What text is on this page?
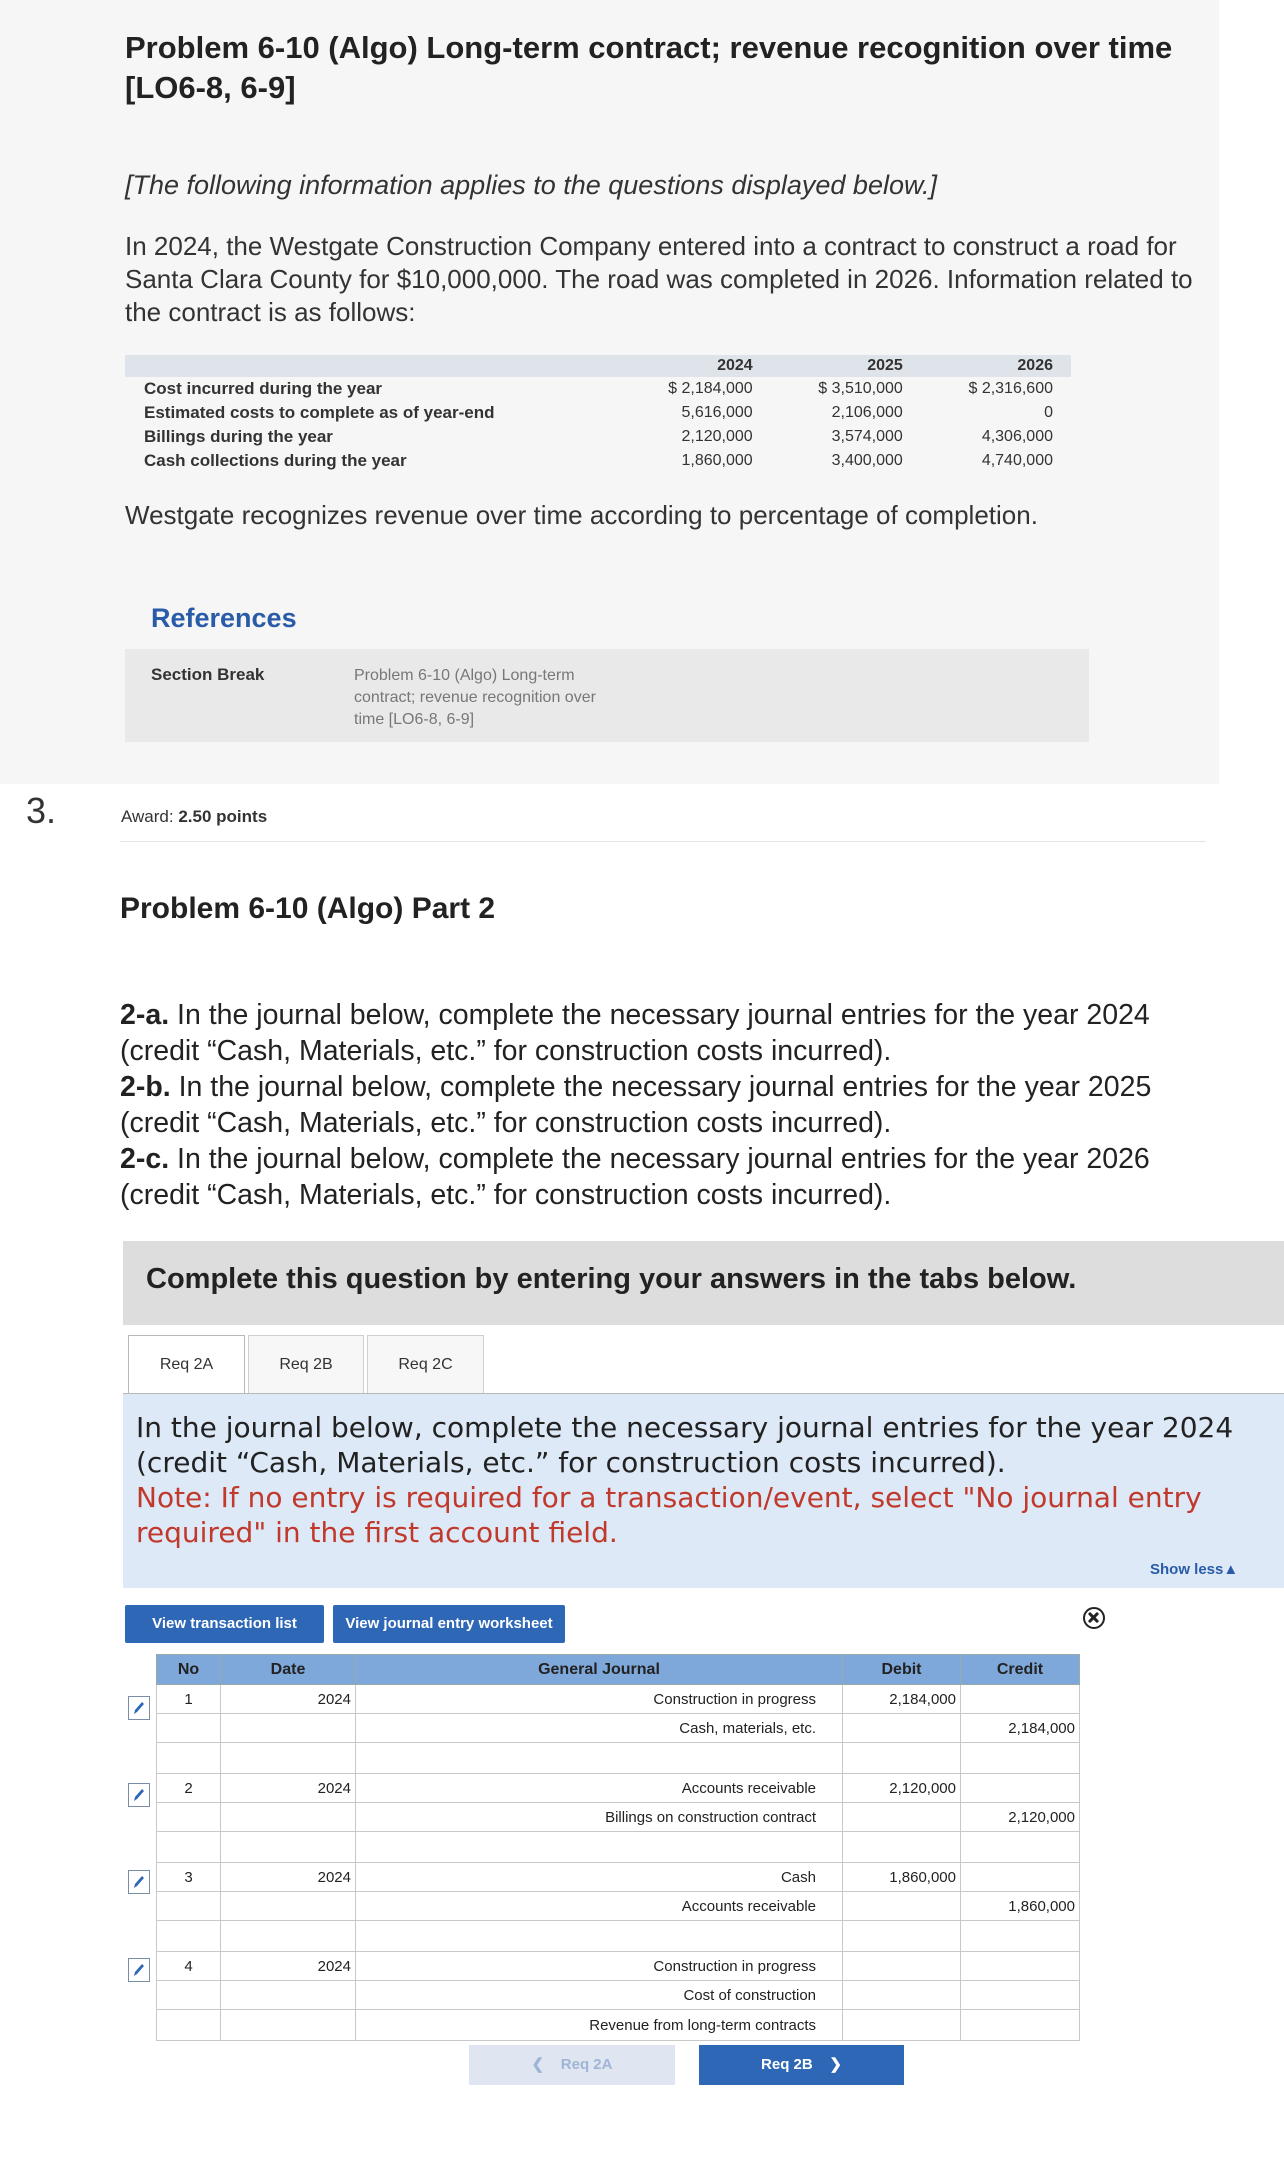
Problem 6-10 (Algo) Long-term contract; revenue recognition over time [LO6-8, 6-9]
[The following information applies to the questions displayed below.]
In 2024, the Westgate Construction Company entered into a contract to construct a road for Santa Clara County for $10,000,000. The road was completed in 2026. Information related to the contract is as follows:
	2024	2025	2026
Cost incurred during the year	$ 2,184,000	$ 3,510,000	$ 2,316,600
Estimated costs to complete as of year-end	5,616,000	2,106,000	0
Billings during the year	2,120,000	3,574,000	4,306,000
Cash collections during the year	1,860,000	3,400,000	4,740,000
Westgate recognizes revenue over time according to percentage of completion.
References
Section Break	Problem 6-10 (Algo) Long-term contract; revenue recognition over time [LO6-8, 6-9]
3.	Award: 2.50 points
Problem 6-10 (Algo) Part 2
2-a. In the journal below, complete the necessary journal entries for the year 2024 (credit “Cash, Materials, etc.” for construction costs incurred).
2-b. In the journal below, complete the necessary journal entries for the year 2025 (credit “Cash, Materials, etc.” for construction costs incurred).
2-c. In the journal below, complete the necessary journal entries for the year 2026 (credit “Cash, Materials, etc.” for construction costs incurred).
Complete this question by entering your answers in the tabs below.
Req 2A	Req 2B	Req 2C
In the journal below, complete the necessary journal entries for the year 2024 (credit “Cash, Materials, etc.” for construction costs incurred).
Note: If no entry is required for a transaction/event, select "No journal entry required" in the first account field.
Show less▲
View transaction list	View journal entry worksheet
No	Date	General Journal	Debit	Credit
1	2024	Construction in progress	2,184,000	
		Cash, materials, etc.		2,184,000

2	2024	Accounts receivable	2,120,000	
		Billings on construction contract		2,120,000

3	2024	Cash	1,860,000	
		Accounts receivable		1,860,000

4	2024	Construction in progress		
		Cost of construction		
		Revenue from long-term contracts		
❮ Req 2A	Req 2B ❯
